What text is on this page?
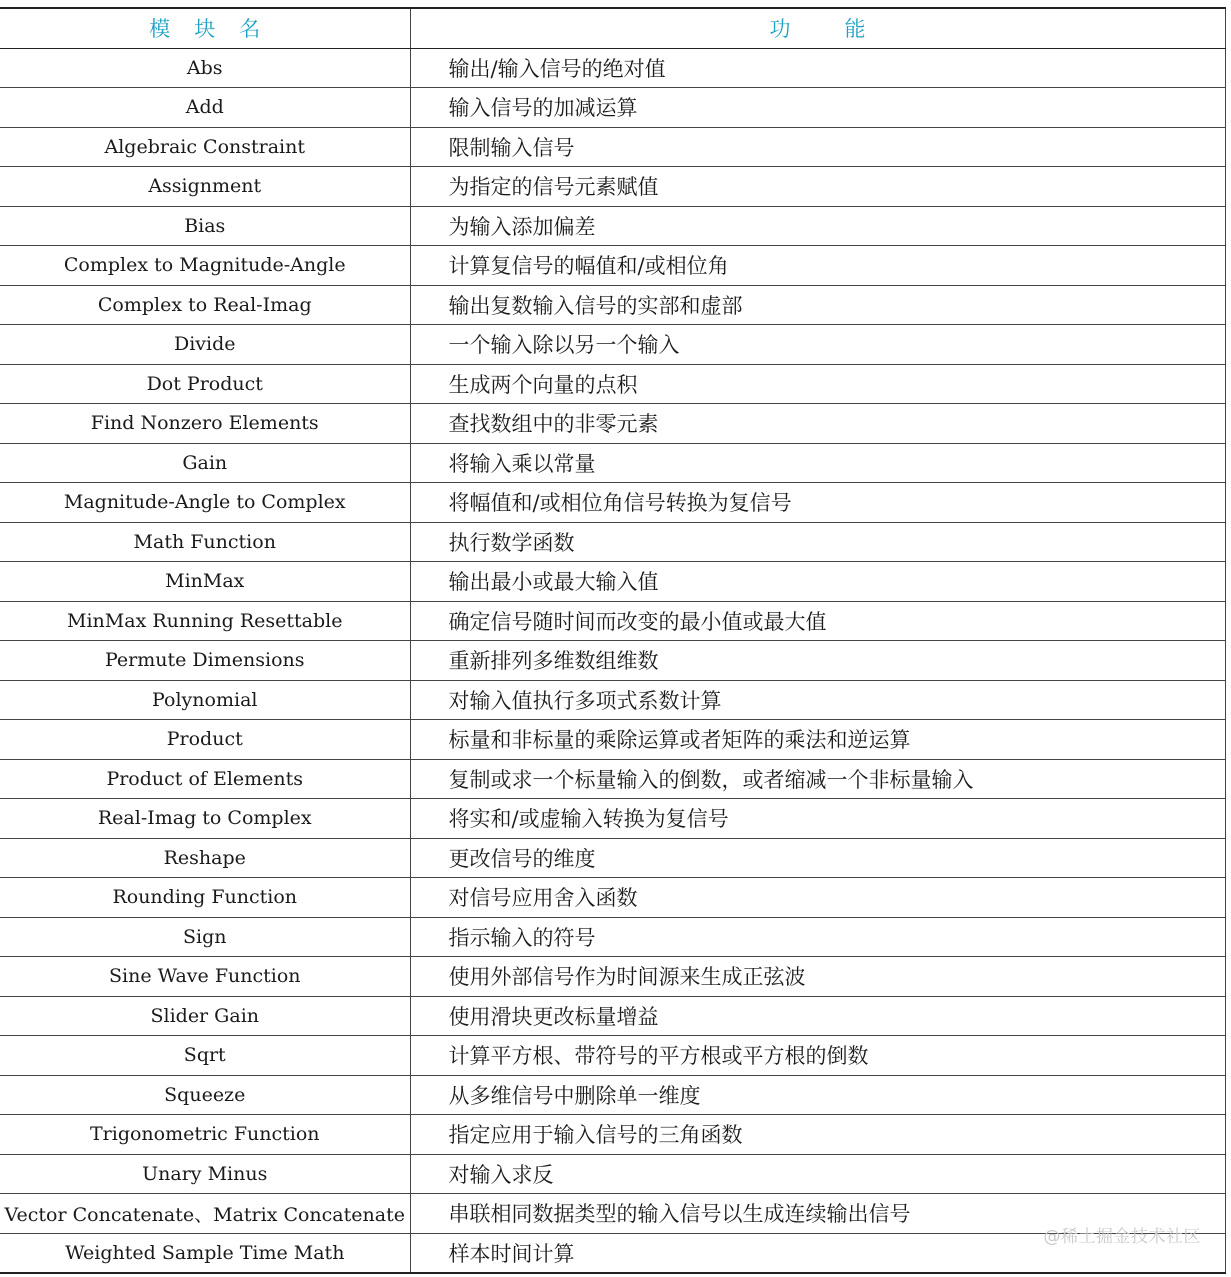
模块名	功能
Abs	输出/输入信号的绝对值
Add	输入信号的加减运算
Algebraic Constraint	限制输入信号
Assignment	为指定的信号元素赋值
Bias	为输入添加偏差
Complex to Magnitude-Angle	计算复信号的幅值和/或相位角
Complex to Real-Imag	输出复数输入信号的实部和虚部
Divide	一个输入除以另一个输入
Dot Product	生成两个向量的点积
Find Nonzero Elements	查找数组中的非零元素
Gain	将输入乘以常量
Magnitude-Angle to Complex	将幅值和/或相位角信号转换为复信号
Math Function	执行数学函数
MinMax	输出最小或最大输入值
MinMax Running Resettable	确定信号随时间而改变的最小值或最大值
Permute Dimensions	重新排列多维数组维数
Polynomial	对输入值执行多项式系数计算
Product	标量和非标量的乘除运算或者矩阵的乘法和逆运算
Product of Elements	复制或求一个标量输入的倒数，或者缩减一个非标量输入
Real-Imag to Complex	将实和/或虚输入转换为复信号
Reshape	更改信号的维度
Rounding Function	对信号应用舍入函数
Sign	指示输入的符号
Sine Wave Function	使用外部信号作为时间源来生成正弦波
Slider Gain	使用滑块更改标量增益
Sqrt	计算平方根、带符号的平方根或平方根的倒数
Squeeze	从多维信号中删除单一维度
Trigonometric Function	指定应用于输入信号的三角函数
Unary Minus	对输入求反
Vector Concatenate、Matrix Concatenate	串联相同数据类型的输入信号以生成连续输出信号
Weighted Sample Time Math	样本时间计算
@稀土掘金技术社区
